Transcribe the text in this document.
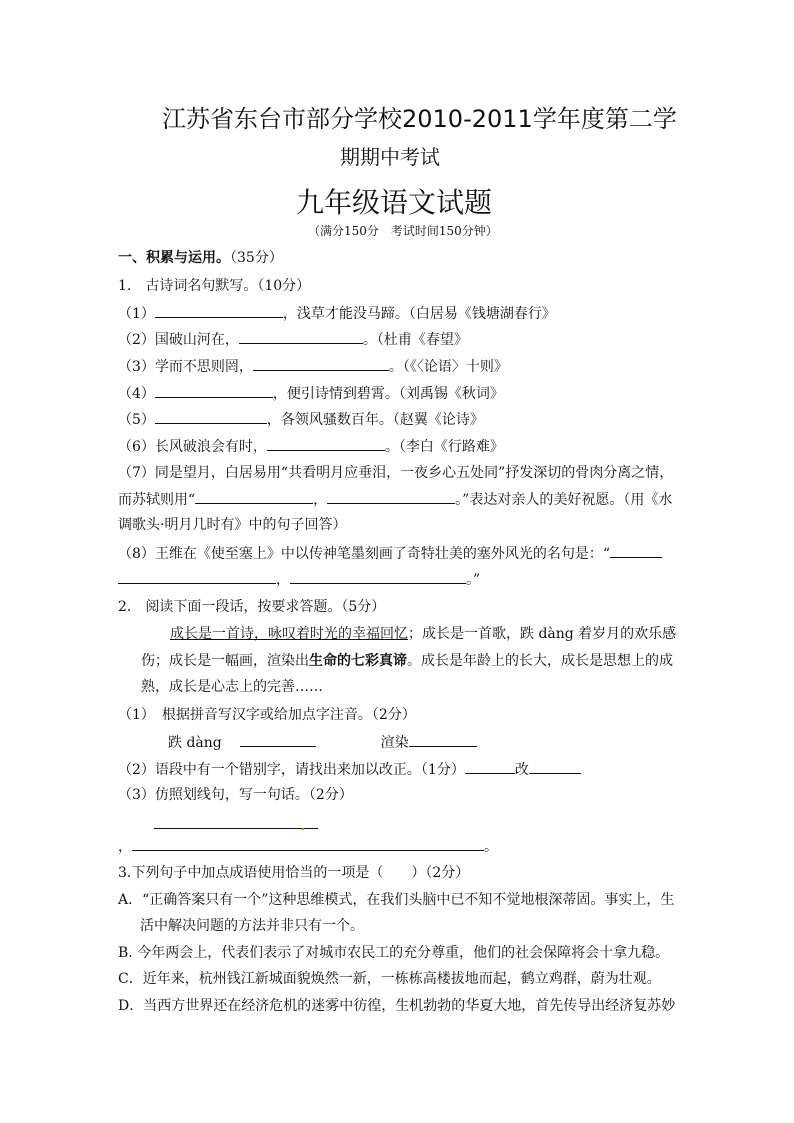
江苏省东台市部分学校2010-2011学年度第二学
期期中考试
九年级语文试题
（满分150分　考试时间150分钟）
一、积累与运用。（35分）
1.　古诗词名句默写。（10分）
（1）	，浅草才能没马蹄。（白居易《钱塘湖春行》
（2）国破山河在，	。（杜甫《春望》
（3）学而不思则罔，	。（《〈论语〉十则》
（4）	，便引诗情到碧霄。（刘禹锡《秋词》
（5）	，各领风骚数百年。（赵翼《论诗》
（6）长风破浪会有时，	。（李白《行路难》
（7）同是望月，白居易用“共看明月应垂泪，一夜乡心五处同”抒发深切的骨肉分离之情，
而苏轼则用“	，	。”表达对亲人的美好祝愿。（用《水
调歌头·明月几时有》中的句子回答）
（8）王维在《使至塞上》中以传神笔墨刻画了奇特壮美的塞外风光的名句是：“
，	。”
2.　阅读下面一段话，按要求答题。（5分）
成长是一首诗，咏叹着时光的幸福回忆；成长是一首歌，跌 dàng 着岁月的欢乐感
伤；成长是一幅画，渲染出生命的七彩真谛。成长是年龄上的长大，成长是思想上的成
熟，成长是心志上的完善……
（1）　根据拼音写汉字或给加点字注音。（2分）
跌 dàng	渲染
（2）语段中有一个错别字，请找出来加以改正。（1分）	改
（3）仿照划线句，写一句话。（2分）
，	。
3.下列句子中加点成语使用恰当的一项是（　　）（2分）
A．“正确答案只有一个”这种思维模式，在我们头脑中已不知不觉地根深蒂固。事实上，生
活中解决问题的方法并非只有一个。
B. 今年两会上，代表们表示了对城市农民工的充分尊重，他们的社会保障将会十拿九稳。
C．近年来，杭州钱江新城面貌焕然一新，一栋栋高楼拔地而起，鹤立鸡群，蔚为壮观。
D．当西方世界还在经济危机的迷雾中彷徨，生机勃勃的华夏大地，首先传导出经济复苏妙
